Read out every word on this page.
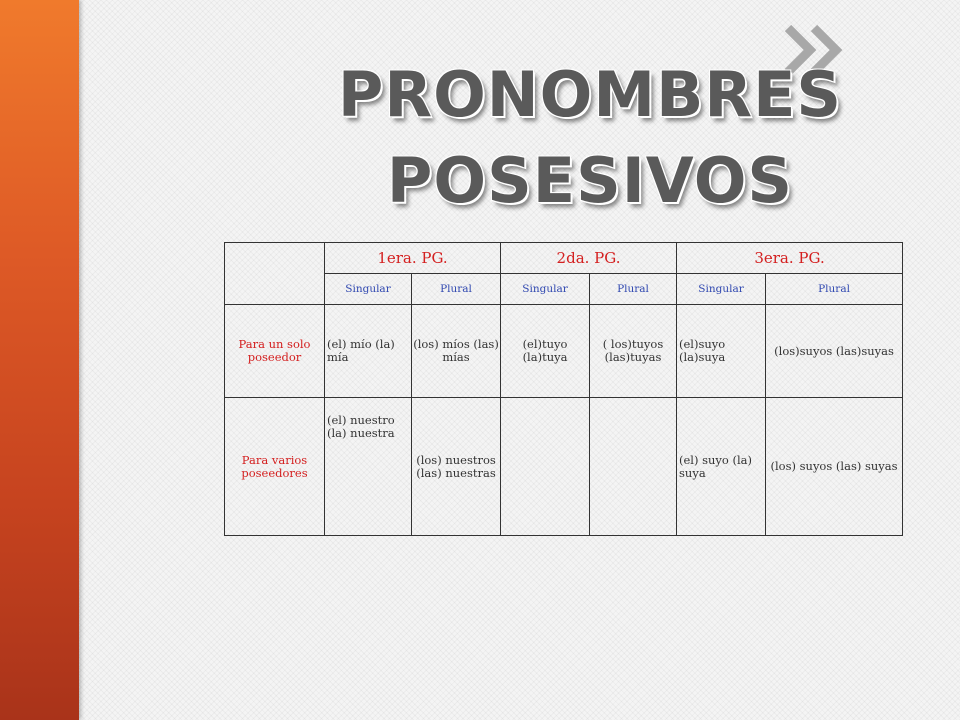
PRONOMBRES
POSESIVOS
	1era. PG.		2da. PG.		3era. PG.	
	Singular	Plural	Singular	Plural	Singular	Plural
Para un solo poseedor	(el) mío (la) mía	(los) míos (las) mías	(el)tuyo (la)tuya	( los)tuyos (las)tuyas	(el)suyo (la)suya	(los)suyos (las)suyas
Para varios poseedores	(el) nuestro (la) nuestra	(los) nuestros (las) nuestras			(el) suyo (la) suya	(los) suyos (las) suyas
